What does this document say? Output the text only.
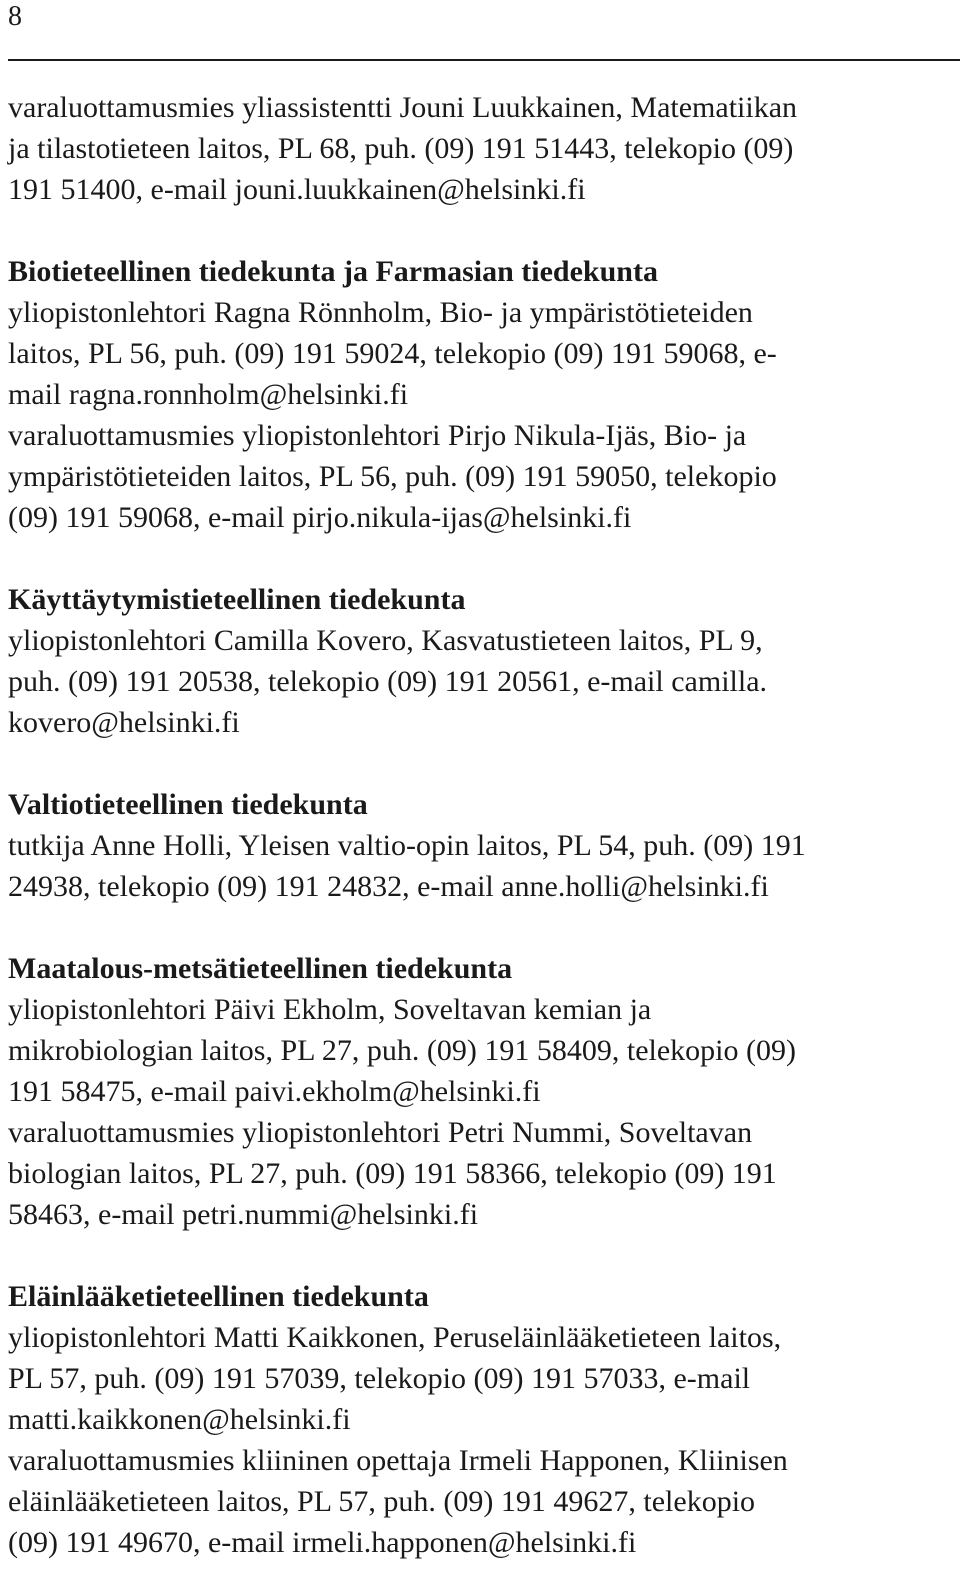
8
varaluottamusmies yliassistentti Jouni Luukkainen, Matematiikan
ja tilastotieteen laitos, PL 68, puh. (09) 191 51443, telekopio (09)
191 51400, e-mail jouni.luukkainen@helsinki.fi
Biotieteellinen tiedekunta ja Farmasian tiedekunta
yliopistonlehtori Ragna Rönnholm, Bio- ja ympäristötieteiden
laitos, PL 56, puh. (09) 191 59024, telekopio (09) 191 59068, e-
mail ragna.ronnholm@helsinki.fi
varaluottamusmies yliopistonlehtori Pirjo Nikula-Ijäs, Bio- ja
ympäristötieteiden laitos, PL 56, puh. (09) 191 59050, telekopio
(09) 191 59068, e-mail pirjo.nikula-ijas@helsinki.fi
Käyttäytymistieteellinen tiedekunta
yliopistonlehtori Camilla Kovero, Kasvatustieteen laitos, PL 9,
puh. (09) 191 20538, telekopio (09) 191 20561, e-mail camilla.
kovero@helsinki.fi
Valtiotieteellinen tiedekunta
tutkija Anne Holli, Yleisen valtio-opin laitos, PL 54, puh. (09) 191
24938, telekopio (09) 191 24832, e-mail anne.holli@helsinki.fi
Maatalous-metsätieteellinen tiedekunta
yliopistonlehtori Päivi Ekholm, Soveltavan kemian ja
mikrobiologian laitos, PL 27, puh. (09) 191 58409, telekopio (09)
191 58475, e-mail paivi.ekholm@helsinki.fi
varaluottamusmies yliopistonlehtori Petri Nummi, Soveltavan
biologian laitos, PL 27, puh. (09) 191 58366, telekopio (09) 191
58463, e-mail petri.nummi@helsinki.fi
Eläinlääketieteellinen tiedekunta
yliopistonlehtori Matti Kaikkonen, Peruseläinlääketieteen laitos,
PL 57, puh. (09) 191 57039, telekopio (09) 191 57033, e-mail
matti.kaikkonen@helsinki.fi
varaluottamusmies kliininen opettaja Irmeli Happonen, Kliinisen
eläinlääketieteen laitos, PL 57, puh. (09) 191 49627, telekopio
(09) 191 49670, e-mail irmeli.happonen@helsinki.fi
